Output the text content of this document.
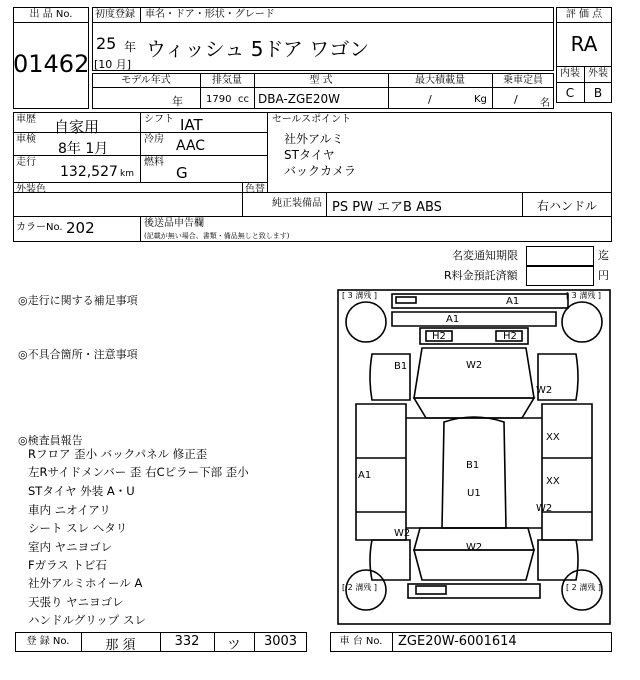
出 品 No.
01462
初度登録 車名・ドア・形状・グレード
25 年
[10 月]
ウィッシュ 5ドア ワゴン
評 価 点
RA
内装 外装
C	B
モデル年式	排気量	型 式	最大積載量	乗車定員
年 1790 cc DBA-ZGE20W	/	Kg / 名
車歴 自家用	シフト IAT
車検
8年 1月
冷房 AAC
走行
132,527 km
燃料
G
外装色	色替
セールスポイント
社外アルミ
STタイヤ
バックカメラ
純正装備品 PS PW エアB ABS	右ハンドル
カラーNo. 202	後送品申告欄
(記載が無い場合、書類・備品無しと致します)
名変通知期限	迄
R料金預託済額	円
◎走行に関する補足事項
◎不具合箇所・注意事項
◎検査員報告
Rフロア 歪小 バックパネル 修正歪
左Rサイドメンバー 歪 右Cピラー下部 歪小
STタイヤ 外装 A・U
車内 ニオイアリ
シート スレ ヘタリ
室内 ヤニヨゴレ
Fガラス トビ石
社外アルミホイール A
天張り ヤニヨゴレ
ハンドルグリップ スレ
[ 3 溝残 ]	[ 3 溝残 ]
[ 2 溝残 ]	[ 2 溝残 ]
A1
A1
H2	H2
B1	W2
W2
XX
A1
B1
U1
XX
W2
W2
W2
登 録 No.	那 須	332	ツ	3003	車 台 No.	ZGE20W-6001614
